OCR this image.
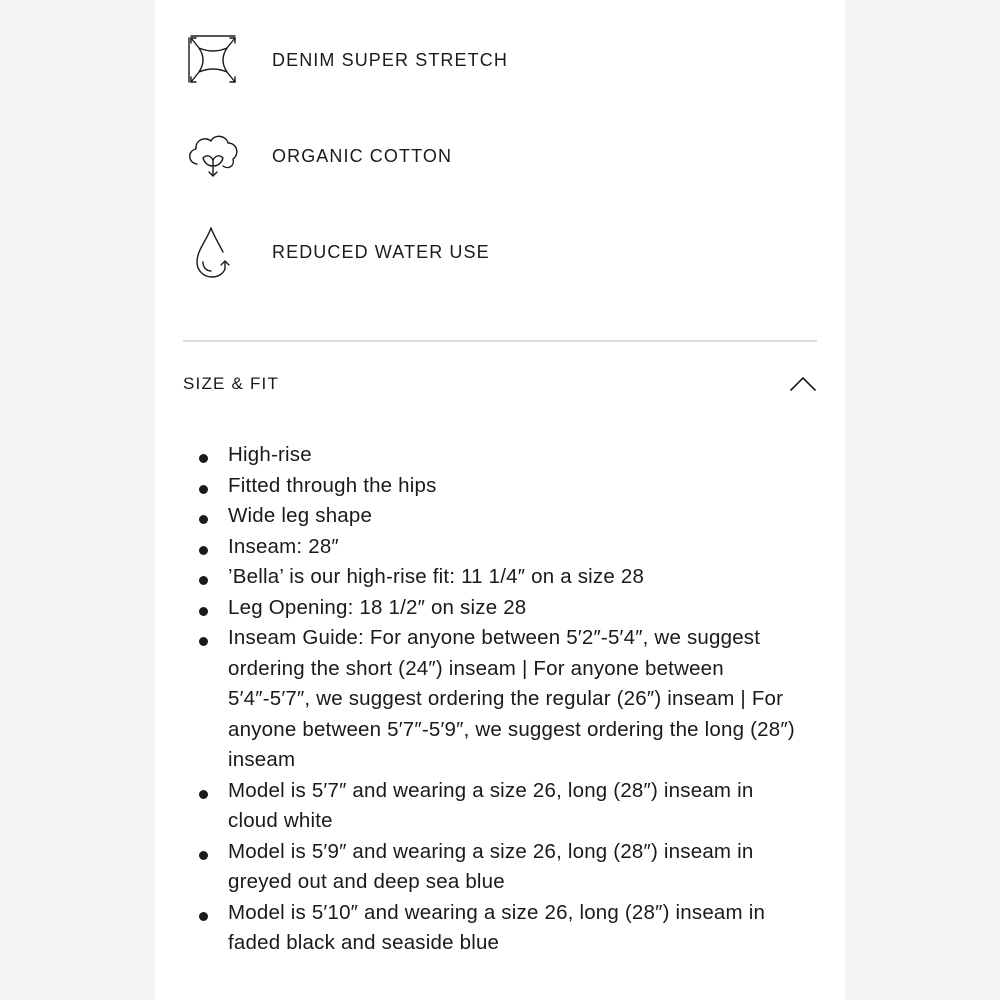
DENIM SUPER STRETCH
ORGANIC COTTON
REDUCED WATER USE
SIZE & FIT
High-rise
Fitted through the hips
Wide leg shape
Inseam: 28″
’Bella’ is our high-rise fit: 11 1/4″ on a size 28
Leg Opening: 18 1/2″ on size 28
Inseam Guide: For anyone between 5′2″-5′4″, we suggest ordering the short (24″) inseam | For anyone between 5′4″-5′7″, we suggest ordering the regular (26″) inseam | For anyone between 5′7″-5′9″, we suggest ordering the long (28″) inseam
Model is 5′7″ and wearing a size 26, long (28″) inseam in cloud white
Model is 5′9″ and wearing a size 26, long (28″) inseam in greyed out and deep sea blue
Model is 5′10″ and wearing a size 26, long (28″) inseam in faded black and seaside blue
